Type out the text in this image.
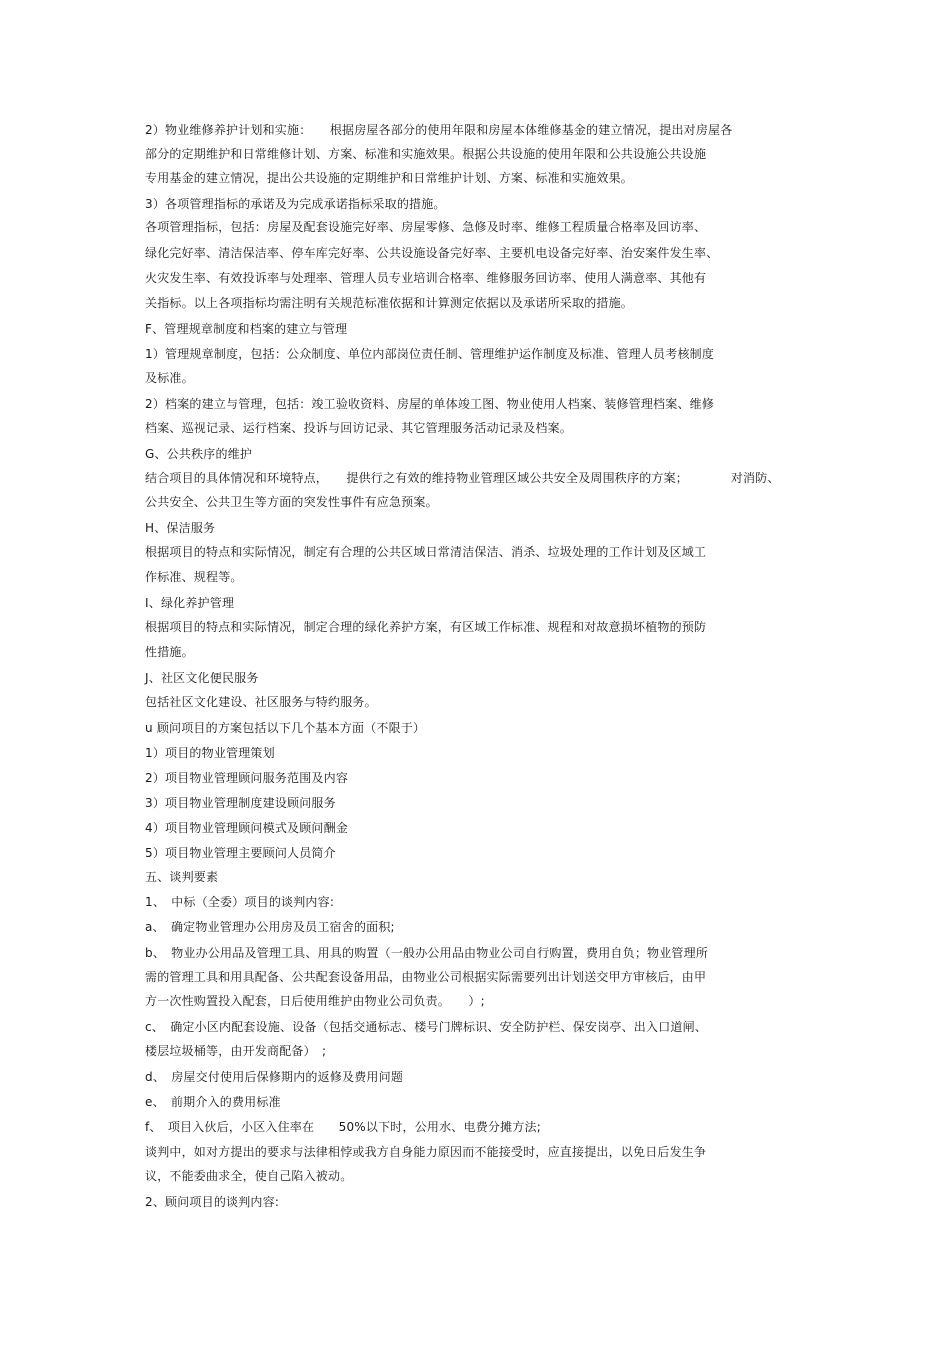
2）物业维修养护计划和实施：　　根据房屋各部分的使用年限和房屋本体维修基金的建立情况，提出对房屋各
部分的定期维护和日常维修计划、方案、标准和实施效果。根据公共设施的使用年限和公共设施公共设施
专用基金的建立情况，提出公共设施的定期维护和日常维护计划、方案、标准和实施效果。
3）各项管理指标的承诺及为完成承诺指标采取的措施。
各项管理指标，包括：房屋及配套设施完好率、房屋零修、急修及时率、维修工程质量合格率及回访率、
绿化完好率、清洁保洁率、停车库完好率、公共设施设备完好率、主要机电设备完好率、治安案件发生率、
火灾发生率、有效投诉率与处理率、管理人员专业培训合格率、维修服务回访率、使用人满意率、其他有
关指标。以上各项指标均需注明有关规范标准依据和计算测定依据以及承诺所采取的措施。
F、管理规章制度和档案的建立与管理
1）管理规章制度，包括：公众制度、单位内部岗位责任制、管理维护运作制度及标准、管理人员考核制度
及标准。
2）档案的建立与管理，包括：竣工验收资料、房屋的单体竣工图、物业使用人档案、装修管理档案、维修
档案、巡视记录、运行档案、投诉与回访记录、其它管理服务活动记录及档案。
G、公共秩序的维护
结合项目的具体情况和环境特点，　　提供行之有效的维持物业管理区域公共安全及周围秩序的方案；　　　　对消防、
公共安全、公共卫生等方面的突发性事件有应急预案。
H、保洁服务
根据项目的特点和实际情况，制定有合理的公共区域日常清洁保洁、消杀、垃圾处理的工作计划及区域工
作标准、规程等。
I、绿化养护管理
根据项目的特点和实际情况，制定合理的绿化养护方案，有区域工作标准、规程和对故意损坏植物的预防
性措施。
J、社区文化便民服务
包括社区文化建设、社区服务与特约服务。
u 顾问项目的方案包括以下几个基本方面（不限于）
1）项目的物业管理策划
2）项目物业管理顾问服务范围及内容
3）项目物业管理制度建设顾问服务
4）项目物业管理顾问模式及顾问酬金
5）项目物业管理主要顾问人员简介
五、谈判要素
1、　中标（全委）项目的谈判内容:
a、　确定物业管理办公用房及员工宿舍的面积;
b、　物业办公用品及管理工具、用具的购置（一般办公用品由物业公司自行购置，费用自负；物业管理所
需的管理工具和用具配备、公共配套设备用品，由物业公司根据实际需要列出计划送交甲方审核后，由甲
方一次性购置投入配套，日后使用维护由物业公司负责。　　）;
c、　确定小区内配套设施、设备（包括交通标志、楼号门牌标识、安全防护栏、保安岗亭、出入口道闸、
楼层垃圾桶等，由开发商配备）　;
d、　房屋交付使用后保修期内的返修及费用问题
e、　前期介入的费用标准
f、　项目入伙后，小区入住率在　　50%以下时，公用水、电费分摊方法;
谈判中，如对方提出的要求与法律相悖或我方自身能力原因而不能接受时，应直接提出，以免日后发生争
议，不能委曲求全，使自己陷入被动。
2、顾问项目的谈判内容:
